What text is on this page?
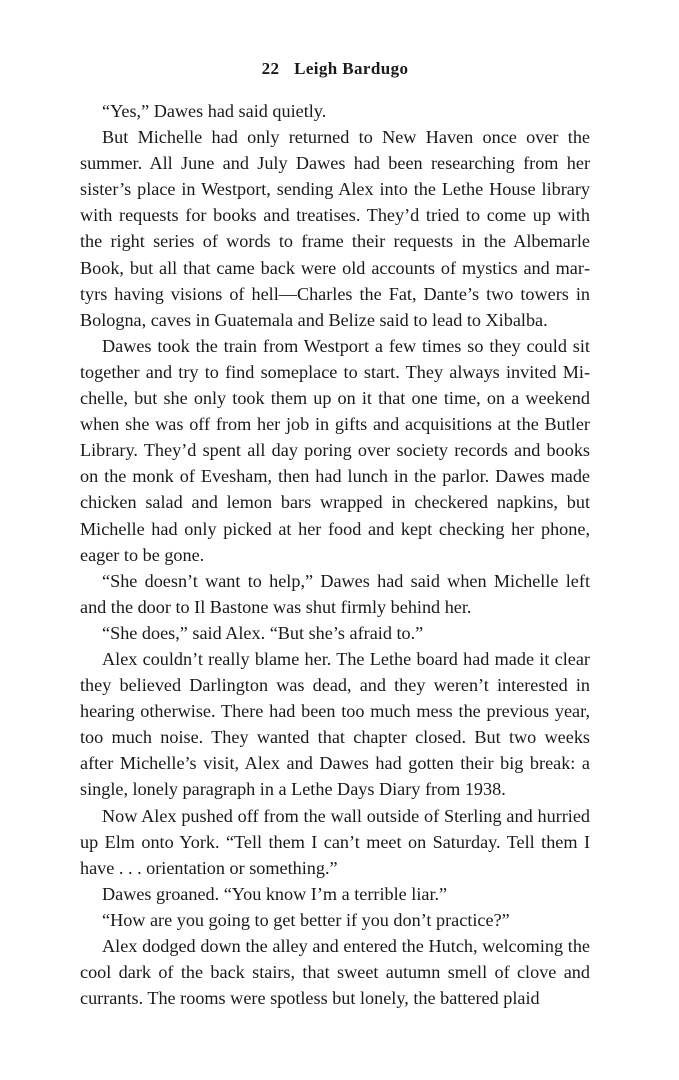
22 Leigh Bardugo

“Yes,” Dawes had said quietly.

But Michelle had only returned to New Haven once over the summer. All June and July Dawes had been researching from her sister’s place in Westport, sending Alex into the Lethe House library with requests for books and treatises. They’d tried to come up with the right series of words to frame their requests in the Albemarle Book, but all that came back were old accounts of mystics and martyrs having visions of hell—Charles the Fat, Dante’s two towers in Bologna, caves in Guatemala and Belize said to lead to Xibalba.

Dawes took the train from Westport a few times so they could sit together and try to find someplace to start. They always invited Michelle, but she only took them up on it that one time, on a weekend when she was off from her job in gifts and acquisitions at the Butler Library. They’d spent all day poring over society records and books on the monk of Evesham, then had lunch in the parlor. Dawes made chicken salad and lemon bars wrapped in checkered napkins, but Michelle had only picked at her food and kept checking her phone, eager to be gone.

“She doesn’t want to help,” Dawes had said when Michelle left and the door to Il Bastone was shut firmly behind her.

“She does,” said Alex. “But she’s afraid to.”

Alex couldn’t really blame her. The Lethe board had made it clear they believed Darlington was dead, and they weren’t interested in hearing otherwise. There had been too much mess the previous year, too much noise. They wanted that chapter closed. But two weeks after Michelle’s visit, Alex and Dawes had gotten their big break: a single, lonely paragraph in a Lethe Days Diary from 1938.

Now Alex pushed off from the wall outside of Sterling and hurried up Elm onto York. “Tell them I can’t meet on Saturday. Tell them I have . . . orientation or something.”

Dawes groaned. “You know I’m a terrible liar.”

“How are you going to get better if you don’t practice?”

Alex dodged down the alley and entered the Hutch, welcoming the cool dark of the back stairs, that sweet autumn smell of clove and currants. The rooms were spotless but lonely, the battered plaid
